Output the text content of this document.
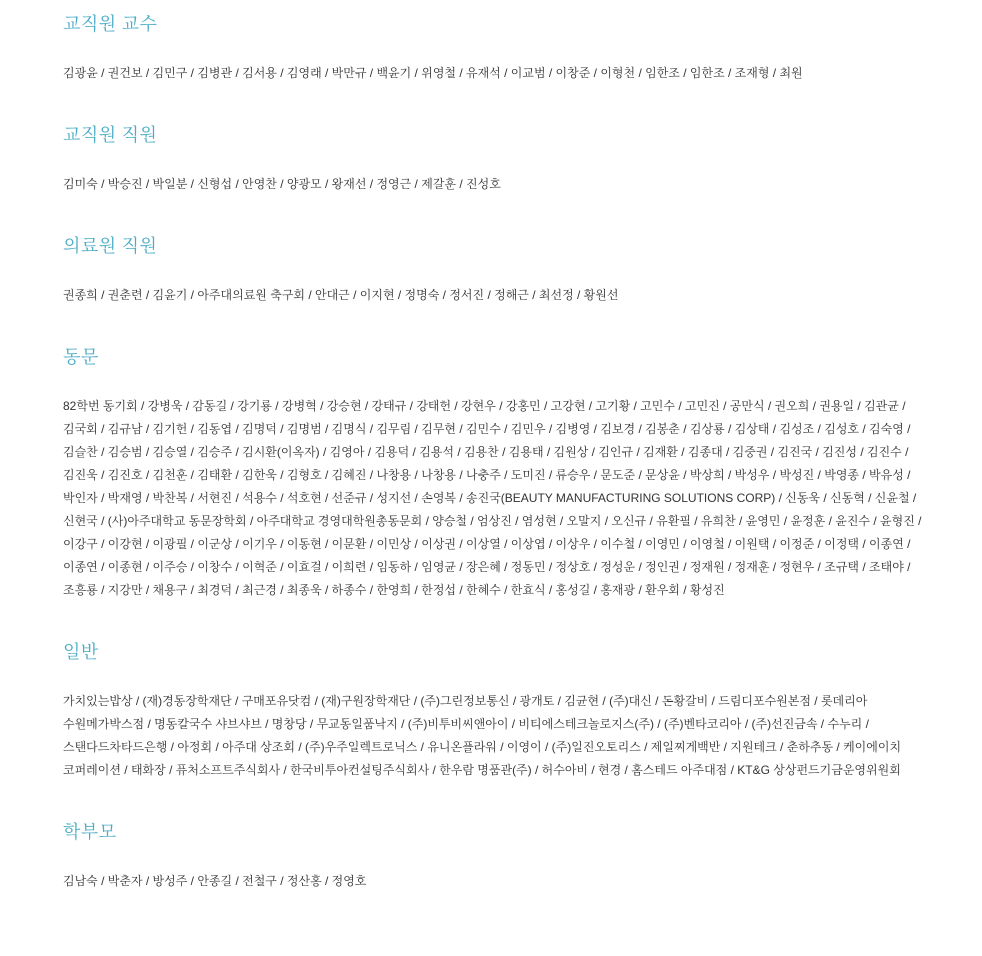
교직원 교수

김광윤 / 권건보 / 김민구 / 김병관 / 김서용 / 김영래 / 박만규 / 백윤기 / 위영철 / 유재석 / 이교범 / 이창준 / 이형천 / 임한조 / 임한조 / 조재형 / 최원

교직원 직원

김미숙 / 박승진 / 박일분 / 신형섭 / 안영찬 / 양광모 / 왕재선 / 정영근 / 제갈훈 / 진성호

의료원 직원

권종희 / 권춘련 / 김윤기 / 아주대의료원 축구회 / 안대근 / 이지현 / 정명숙 / 정서진 / 정해근 / 최선정 / 황원선

동문

82학번 동기회 / 강병욱 / 감동길 / 강기룡 / 강병혁 / 강승현 / 강태규 / 강태헌 / 강현우 / 강홍민 / 고강현 / 고기황 / 고민수 / 고민진 / 공만식 / 권오희 / 권용일 / 김관균 / 김국회 / 김규남 / 김기헌 / 김동엽 / 김명덕 / 김명범 / 김명식 / 김무림 / 김무현 / 김민수 / 김민우 / 김병영 / 김보경 / 김봉춘 / 김상룡 / 김상태 / 김성조 / 김성호 / 김숙영 / 김슬찬 / 김승범 / 김승열 / 김승주 / 김시환(이옥자) / 김영아 / 김용덕 / 김용석 / 김용찬 / 김용태 / 김원상 / 김인규 / 김재환 / 김종대 / 김중권 / 김진국 / 김진성 / 김진수 / 김진욱 / 김진호 / 김천훈 / 김태환 / 김한욱 / 김형호 / 김혜진 / 나창용 / 나창용 / 나충주 / 도미진 / 류승우 / 문도준 / 문상윤 / 박상희 / 박성우 / 박성진 / 박영종 / 박유성 / 박인자 / 박재영 / 박찬복 / 서현진 / 석용수 / 석호현 / 선준규 / 성지선 / 손영복 / 송진국(BEAUTY MANUFACTURING SOLUTIONS CORP) / 신동욱 / 신동혁 / 신윤철 / 신현국 / (사)아주대학교 동문장학회 / 아주대학교 경영대학원총동문회 / 양승철 / 엄상진 / 염성현 / 오말지 / 오신규 / 유환필 / 유희찬 / 윤영민 / 윤정훈 / 윤진수 / 윤형진 / 이강구 / 이강현 / 이광필 / 이군상 / 이기우 / 이동현 / 이문환 / 이민상 / 이상권 / 이상열 / 이상엽 / 이상우 / 이수철 / 이영민 / 이영철 / 이원택 / 이정준 / 이정택 / 이종연 / 이종연 / 이종현 / 이주승 / 이창수 / 이혁준 / 이효걸 / 이희련 / 임동하 / 임영균 / 장은혜 / 정동민 / 정상호 / 정성운 / 정인권 / 정재원 / 정재훈 / 정현우 / 조규택 / 조태야 / 조흥룡 / 지강만 / 채용구 / 최경덕 / 최근경 / 최종욱 / 하종수 / 한영희 / 한정섭 / 한혜수 / 한효식 / 홍성길 / 홍재광 / 환우회 / 황성진

일반

가치있는밥상 / (재)경동장학재단 / 구매포유닷컴 / (재)구원장학재단 / (주)그린정보통신 / 광개토 / 김균현 / (주)대신 / 돈황갈비 / 드림디포수원본점 / 롯데리아 수원메가박스점 / 명동칼국수 샤브샤브 / 명창당 / 무교동일품낙지 / (주)비투비씨앤아이 / 비티에스테크놀로지스(주) / (주)벤타코리아 / (주)선진금속 / 수누리 / 스탠다드차타드은행 / 아정회 / 아주대 상조회 / (주)우주일렉트로닉스 / 유니온플라워 / 이영이 / (주)일진오토리스 / 제일찌게백반 / 지원테크 / 춘하추동 / 케이에이치 코퍼레이션 / 태화장 / 퓨처소프트주식회사 / 한국비투아컨설팅주식회사 / 한우람 명품관(주) / 허수아비 / 현경 / 홈스테드 아주대점 / KT&G 상상펀드기금운영위원회

학부모

김남숙 / 박춘자 / 방성주 / 안종길 / 전철구 / 정산홍 / 정영호
